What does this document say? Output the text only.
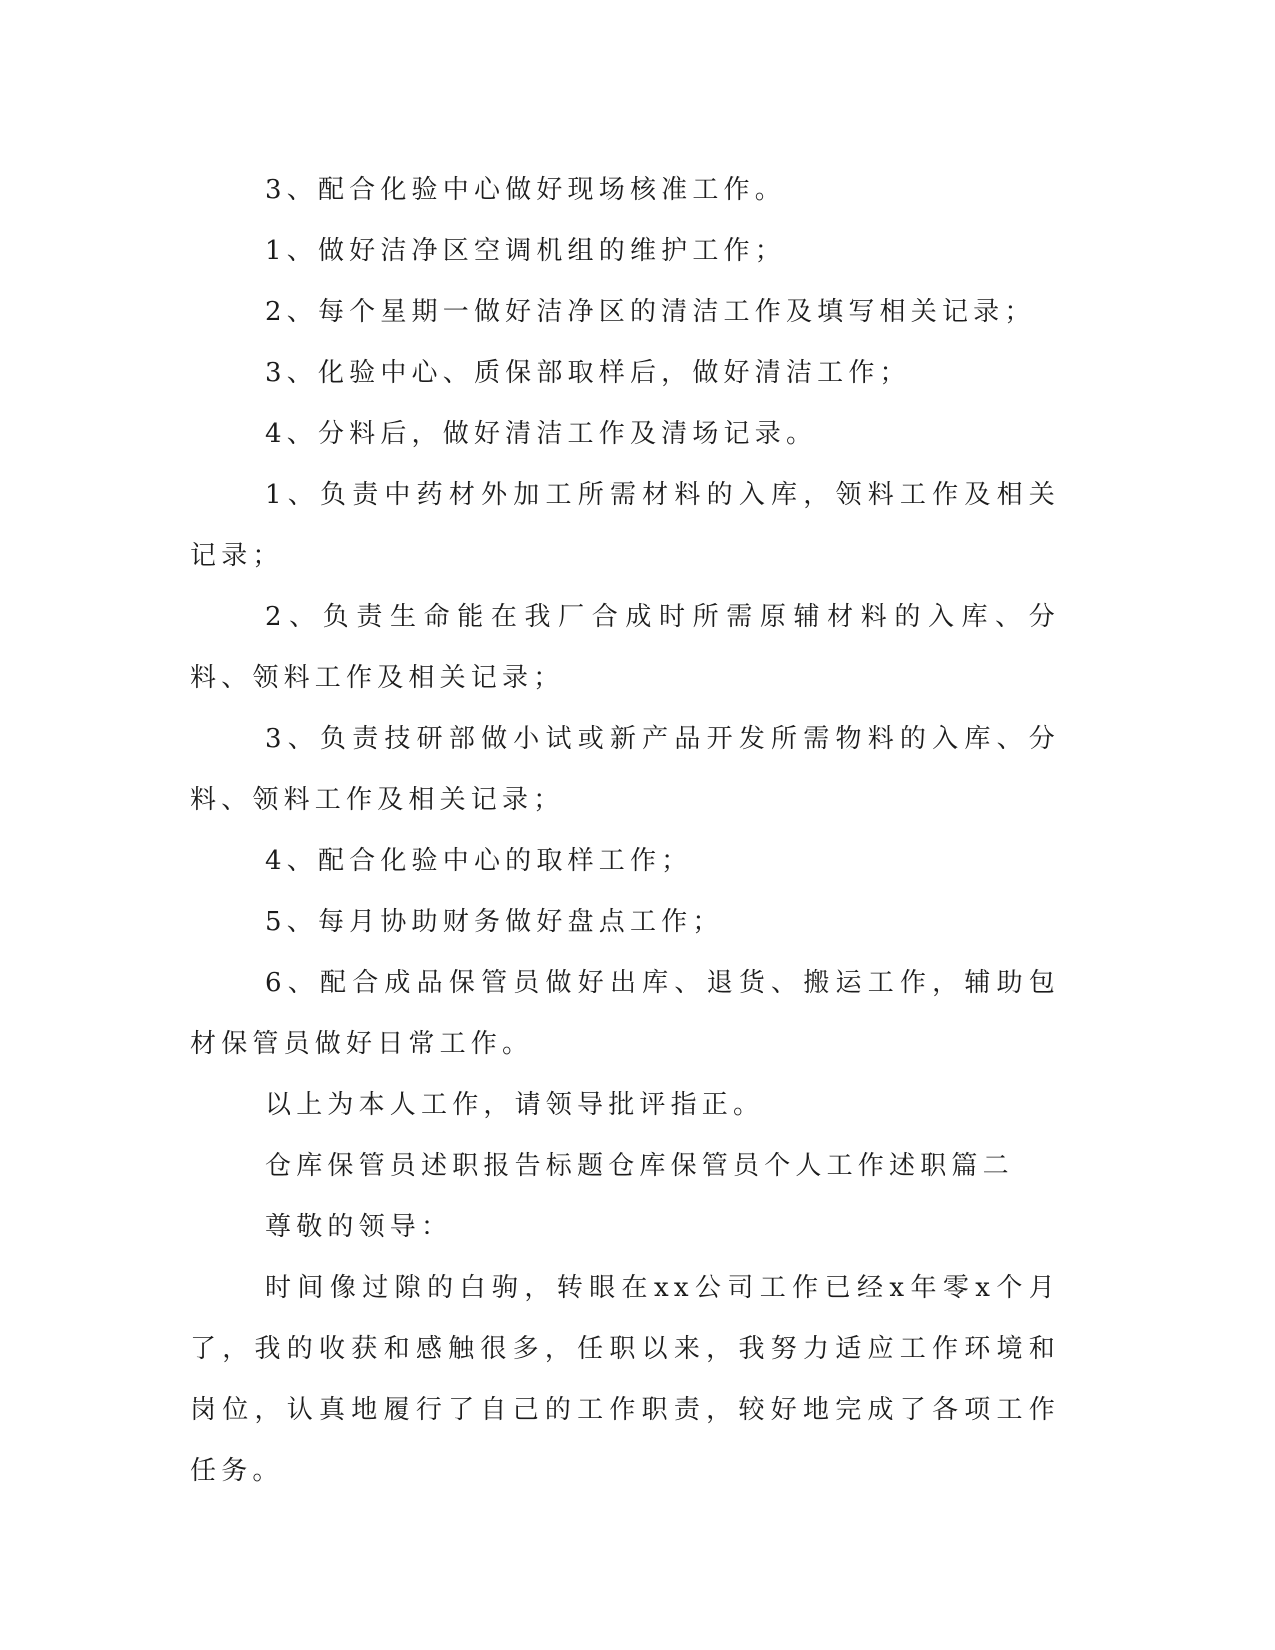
3、配合化验中心做好现场核准工作。

1、做好洁净区空调机组的维护工作；

2、每个星期一做好洁净区的清洁工作及填写相关记录；

3、化验中心、质保部取样后，做好清洁工作；

4、分料后，做好清洁工作及清场记录。

1、负责中药材外加工所需材料的入库，领料工作及相关记录；

2、负责生命能在我厂合成时所需原辅材料的入库、分料、领料工作及相关记录；

3、负责技研部做小试或新产品开发所需物料的入库、分料、领料工作及相关记录；

4、配合化验中心的取样工作；

5、每月协助财务做好盘点工作；

6、配合成品保管员做好出库、退货、搬运工作，辅助包材保管员做好日常工作。

以上为本人工作，请领导批评指正。

仓库保管员述职报告标题仓库保管员个人工作述职篇二

尊敬的领导：

时间像过隙的白驹，转眼在xx公司工作已经x年零x个月了，我的收获和感触很多，任职以来，我努力适应工作环境和岗位，认真地履行了自己的工作职责，较好地完成了各项工作任务。
